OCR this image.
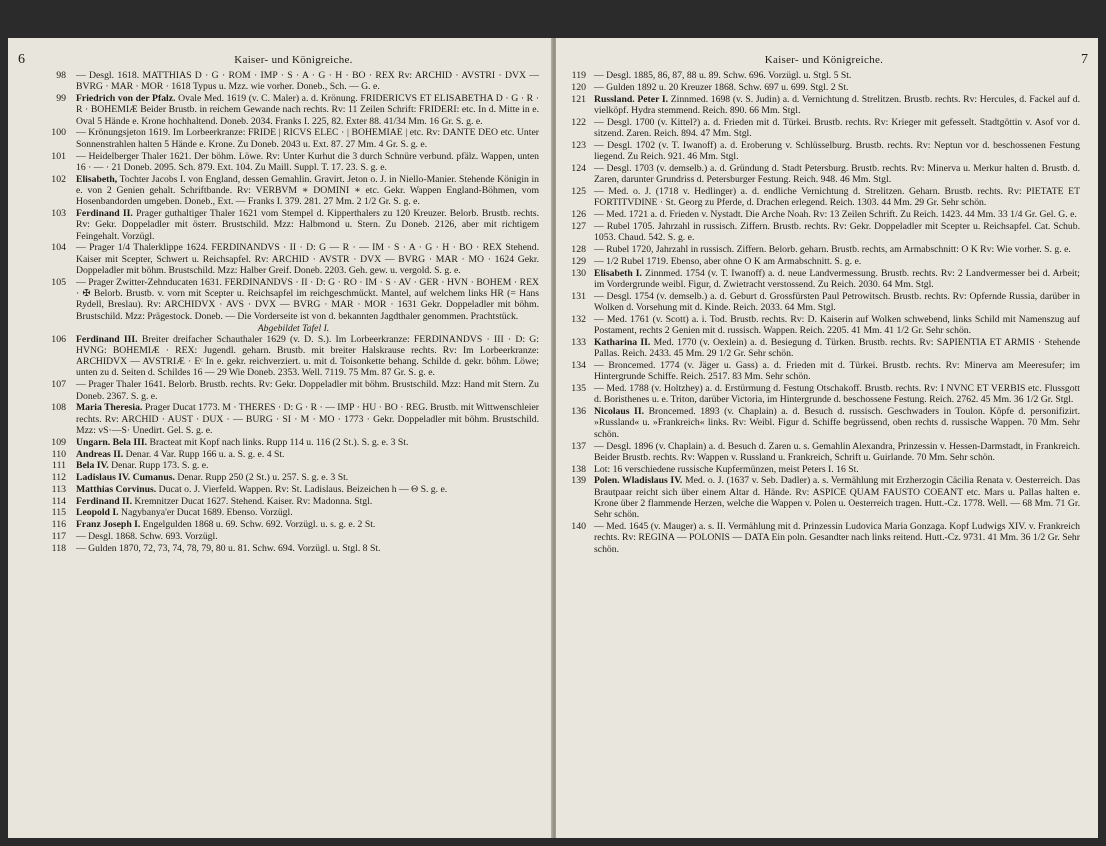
6	Kaiser- und Königreiche.
98 — Desgl. 1618. MATTHIAS D · G · ROM · IMP · S · A · G · H · BO · REX Rv: ARCHID · AVSTRI · DVX — BVRG · MAR · MOR · 1618 Typus u. Mzz. wie vorher. Doneb., Sch. — G. e.
99 Friedrich von der Pfalz. Ovale Med. 1619 (v. C. Maler) a. d. Krönung. FRIDERICVS ET ELISABETHA D · G · R · R · BOHEMIÆ Beider Brustb. in reichem Gewande nach rechts. Rv: 11 Zeilen Schrift: FRIDERI: etc. In d. Mitte in e. Oval 5 Hände e. Krone hochhaltend. Doneb. 2034. Franks I. 225, 82. Exter 88. 41/34 Mm. 16 Gr. S. g. e.
100 — Krönungsjeton 1619. Im Lorbeerkranze: FRIDE | RICVS ELEC · | BOHEMIAE | etc. Rv: DANTE DEO etc. Unter Sonnenstrahlen halten 5 Hände e. Krone. Zu Doneb. 2043 u. Ext. 87. 27 Mm. 4 Gr. S. g. e.
101 — Heidelberger Thaler 1621. Der böhm. Löwe. Rv: Unter Kurhut die 3 durch Schnüre verbund. pfälz. Wappen, unten 16 · — · 21 Doneb. 2095. Sch. 879. Ext. 104. Zu Maill. Suppl. T. 17. 23. S. g. e.
102 Elisabeth, Tochter Jacobs I. von England, dessen Gemahlin. Gravirt. Jeton o. J. in Niello-Manier. Stehende Königin in e. von 2 Genien gehalt. Schriftbande. Rv: VERBVM ∗ DOMINI ∗ etc. Gekr. Wappen England-Böhmen, vom Hosenbandorden umgeben. Doneb., Ext. — Franks I. 379. 281. 27 Mm. 2 1/2 Gr. S. g. e.
103 Ferdinand II. Prager guthaltiger Thaler 1621 vom Stempel d. Kipperthalers zu 120 Kreuzer. Belorb. Brustb. rechts. Rv: Gekr. Doppeladler mit österr. Brustschild. Mzz: Halbmond u. Stern. Zu Doneb. 2126, aber mit richtigem Feingehalt. Vorzügl.
104 — Prager 1/4 Thalerklippe 1624. FERDINANDVS · II · D: G — R · — IM · S · A · G · H · BO · REX Stehend. Kaiser mit Scepter, Schwert u. Reichsapfel. Rv: ARCHID · AVSTR · DVX — BVRG · MAR · MO · 1624 Gekr. Doppeladler mit böhm. Brustschild. Mzz: Halber Greif. Doneb. 2203. Geh. gew. u. vergold. S. g. e.
105 — Prager Zwitter-Zehnducaten 1631. FERDINANDVS · II · D: G · RO · IM · S · AV · GER · HVN · BOHEM · REX · ✠ Belorb. Brustb. v. vorn mit Scepter u. Reichsapfel im reichgeschmückt. Mantel, auf welchem links HR (= Hans Rydell, Breslau). Rv: ARCHIDVX · AVS · DVX — BVRG · MAR · MOR · 1631 Gekr. Doppeladler mit böhm. Brustschild. Mzz: Prägestock. Doneb. — Die Vorderseite ist von d. bekannten Jagdthaler genommen. Prachtstück.
Abgebildet Tafel I.
106 Ferdinand III. Breiter dreifacher Schauthaler 1629 (v. D. S.). Im Lorbeerkranze: FERDINANDVS · III · D: G: HVNG: BOHEMIÆ · REX: Jugendl. geharn. Brustb. mit breiter Halskrause rechts. Rv: Im Lorbeerkranze: ARCHIDVX — AVSTRIÆ · Eᶜ In e. gekr. reichverziert. u. mit d. Toisonkette behang. Schilde d. gekr. böhm. Löwe; unten zu d. Seiten d. Schildes 16 — 29 Wie Doneb. 2353. Well. 7119. 75 Mm. 87 Gr. S. g. e.
107 — Prager Thaler 1641. Belorb. Brustb. rechts. Rv: Gekr. Doppeladler mit böhm. Brustschild. Mzz: Hand mit Stern. Zu Doneb. 2367. S. g. e.
108 Maria Theresia. Prager Ducat 1773. M · THERES · D: G · R · — IMP · HU · BO · REG. Brustb. mit Wittwenschleier rechts. Rv: ARCHID · AUST · DUX · — BURG · SI · M · MO · 1773 · Gekr. Doppeladler mit böhm. Brustschild. Mzz: vS·—S· Unedirt. Gel. S. g. e.
109 Ungarn. Bela III. Bracteat mit Kopf nach links. Rupp 114 u. 116 (2 St.). S. g. e. 3 St.
110 Andreas II. Denar. 4 Var. Rupp 166 u. a. S. g. e. 4 St.
111 Bela IV. Denar. Rupp 173. S. g. e.
112 Ladislaus IV. Cumanus. Denar. Rupp 250 (2 St.) u. 257. S. g. e. 3 St.
113 Matthias Corvinus. Ducat o. J. Vierfeld. Wappen. Rv: St. Ladislaus. Beizeichen h — Θ S. g. e.
114 Ferdinand II. Kremnitzer Ducat 1627. Stehend. Kaiser. Rv: Madonna. Stgl.
115 Leopold I. Nagybanya'er Ducat 1689. Ebenso. Vorzügl.
116 Franz Joseph I. Engelgulden 1868 u. 69. Schw. 692. Vorzügl. u. s. g. e. 2 St.
117 — Desgl. 1868. Schw. 693. Vorzügl.
118 — Gulden 1870, 72, 73, 74, 78, 79, 80 u. 81. Schw. 694. Vorzügl. u. Stgl. 8 St.
Kaiser- und Königreiche.	7
119 — Desgl. 1885, 86, 87, 88 u. 89. Schw. 696. Vorzügl. u. Stgl. 5 St.
120 — Gulden 1892 u. 20 Kreuzer 1868. Schw. 697 u. 699. Stgl. 2 St.
121 Russland. Peter I. Zinnmed. 1698 (v. S. Judin) a. d. Vernichtung d. Strelitzen. Brustb. rechts. Rv: Hercules, d. Fackel auf d. vielköpf. Hydra stemmend. Reich. 890. 66 Mm. Stgl.
122 — Desgl. 1700 (v. Kittel?) a. d. Frieden mit d. Türkei. Brustb. rechts. Rv: Krieger mit gefesselt. Stadtgöttin v. Asof vor d. sitzend. Zaren. Reich. 894. 47 Mm. Stgl.
123 — Desgl. 1702 (v. T. Iwanoff) a. d. Eroberung v. Schlüsselburg. Brustb. rechts. Rv: Neptun vor d. beschossenen Festung liegend. Zu Reich. 921. 46 Mm. Stgl.
124 — Desgl. 1703 (v. demselb.) a. d. Gründung d. Stadt Petersburg. Brustb. rechts. Rv: Minerva u. Merkur halten d. Brustb. d. Zaren, darunter Grundriss d. Petersburger Festung. Reich. 948. 46 Mm. Stgl.
125 — Med. o. J. (1718 v. Hedlinger) a. d. endliche Vernichtung d. Strelitzen. Geharn. Brustb. rechts. Rv: PIETATE ET FORTITVDINE · St. Georg zu Pferde, d. Drachen erlegend. Reich. 1303. 44 Mm. 29 Gr. Sehr schön.
126 — Med. 1721 a. d. Frieden v. Nystadt. Die Arche Noah. Rv: 13 Zeilen Schrift. Zu Reich. 1423. 44 Mm. 33 1/4 Gr. Gel. G. e.
127 — Rubel 1705. Jahrzahl in russisch. Ziffern. Brustb. rechts. Rv: Gekr. Doppeladler mit Scepter u. Reichsapfel. Cat. Schub. 1053. Chaud. 542. S. g. e.
128 — Rubel 1720, Jahrzahl in russisch. Ziffern. Belorb. geharn. Brustb. rechts, am Armabschnitt: O K Rv: Wie vorher. S. g. e.
129 — 1/2 Rubel 1719. Ebenso, aber ohne O K am Armabschnitt. S. g. e.
130 Elisabeth I. Zinnmed. 1754 (v. T. Iwanoff) a. d. neue Landvermessung. Brustb. rechts. Rv: 2 Landvermesser bei d. Arbeit; im Vordergrunde weibl. Figur, d. Zwietracht verstossend. Zu Reich. 2030. 64 Mm. Stgl.
131 — Desgl. 1754 (v. demselb.) a. d. Geburt d. Grossfürsten Paul Petrowitsch. Brustb. rechts. Rv: Opfernde Russia, darüber in Wolken d. Vorsehung mit d. Kinde. Reich. 2033. 64 Mm. Stgl.
132 — Med. 1761 (v. Scott) a. i. Tod. Brustb. rechts. Rv: D. Kaiserin auf Wolken schwebend, links Schild mit Namenszug auf Postament, rechts 2 Genien mit d. russisch. Wappen. Reich. 2205. 41 Mm. 41 1/2 Gr. Sehr schön.
133 Katharina II. Med. 1770 (v. Oexlein) a. d. Besiegung d. Türken. Brustb. rechts. Rv: SAPIENTIA ET ARMIS · Stehende Pallas. Reich. 2433. 45 Mm. 29 1/2 Gr. Sehr schön.
134 — Broncemed. 1774 (v. Jäger u. Gass) a. d. Frieden mit d. Türkei. Brustb. rechts. Rv: Minerva am Meeresufer; im Hintergrunde Schiffe. Reich. 2517. 83 Mm. Sehr schön.
135 — Med. 1788 (v. Holtzhey) a. d. Erstürmung d. Festung Otschakoff. Brustb. rechts. Rv: I NVNC ET VERBIS etc. Flussgott d. Boristhenes u. e. Triton, darüber Victoria, im Hintergrunde d. beschossene Festung. Reich. 2762. 45 Mm. 36 1/2 Gr. Stgl.
136 Nicolaus II. Broncemed. 1893 (v. Chaplain) a. d. Besuch d. russisch. Geschwaders in Toulon. Köpfe d. personifizirt. »Russland« u. »Frankreich« links. Rv: Weibl. Figur d. Schiffe begrüssend, oben rechts d. russische Wappen. 70 Mm. Sehr schön.
137 — Desgl. 1896 (v. Chaplain) a. d. Besuch d. Zaren u. s. Gemahlin Alexandra, Prinzessin v. Hessen-Darmstadt, in Frankreich. Beider Brustb. rechts. Rv: Wappen v. Russland u. Frankreich, Schrift u. Guirlande. 70 Mm. Sehr schön.
138 Lot: 16 verschiedene russische Kupfermünzen, meist Peters I. 16 St.
139 Polen. Wladislaus IV. Med. o. J. (1637 v. Seb. Dadler) a. s. Vermählung mit Erzherzogin Cäcilia Renata v. Oesterreich. Das Brautpaar reicht sich über einem Altar d. Hände. Rv: ASPICE QUAM FAUSTO COEANT etc. Mars u. Pallas halten e. Krone über 2 flammende Herzen, welche die Wappen v. Polen u. Oesterreich tragen. Hutt.-Cz. 1778. Well. — 68 Mm. 71 Gr. Sehr schön.
140 — Med. 1645 (v. Mauger) a. s. II. Vermählung mit d. Prinzessin Ludovica Maria Gonzaga. Kopf Ludwigs XIV. v. Frankreich rechts. Rv: REGINA — POLONIS — DATA Ein poln. Gesandter nach links reitend. Hutt.-Cz. 9731. 41 Mm. 36 1/2 Gr. Sehr schön.
